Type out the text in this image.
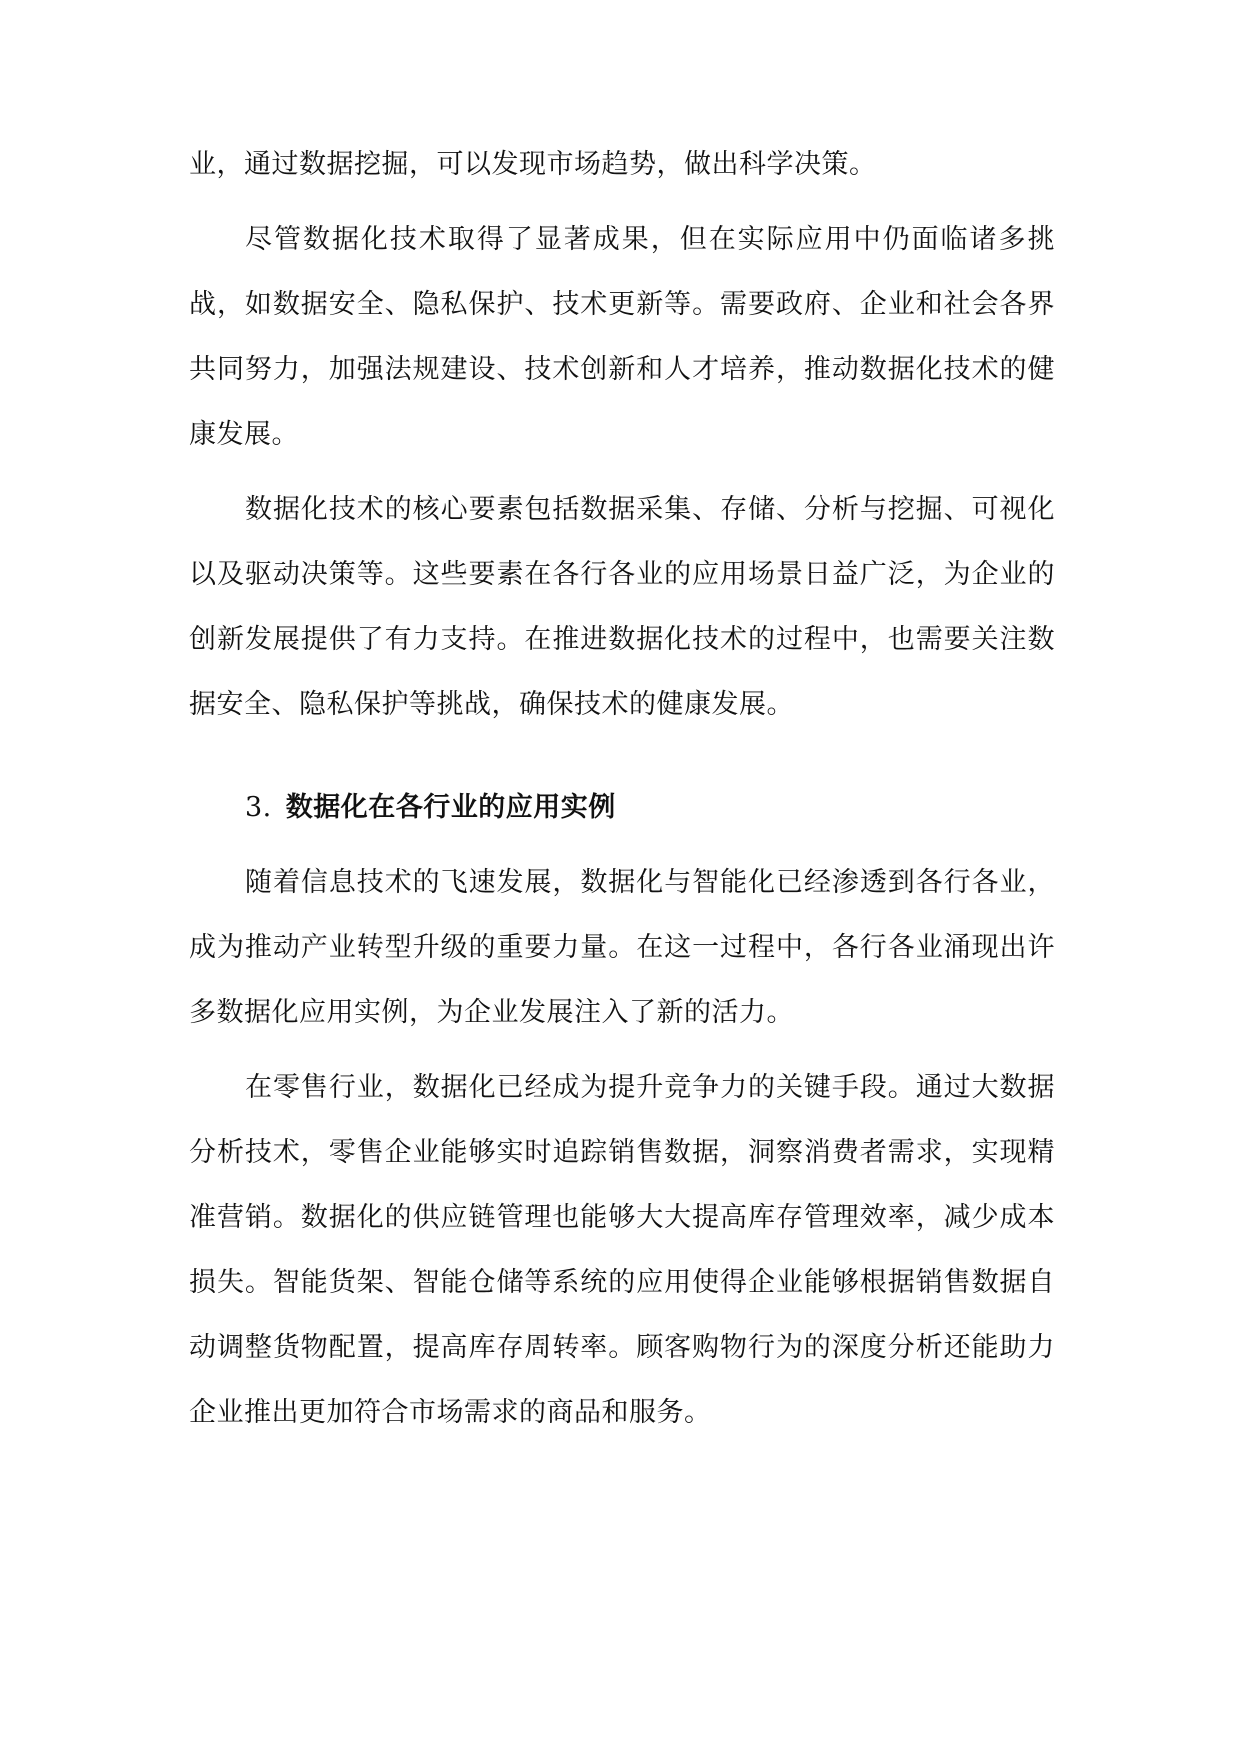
业，通过数据挖掘，可以发现市场趋势，做出科学决策。

尽管数据化技术取得了显著成果，但在实际应用中仍面临诸多挑战，如数据安全、隐私保护、技术更新等。需要政府、企业和社会各界共同努力，加强法规建设、技术创新和人才培养，推动数据化技术的健康发展。

数据化技术的核心要素包括数据采集、存储、分析与挖掘、可视化以及驱动决策等。这些要素在各行各业的应用场景日益广泛，为企业的创新发展提供了有力支持。在推进数据化技术的过程中，也需要关注数据安全、隐私保护等挑战，确保技术的健康发展。

3. 数据化在各行业的应用实例

随着信息技术的飞速发展，数据化与智能化已经渗透到各行各业，成为推动产业转型升级的重要力量。在这一过程中，各行各业涌现出许多数据化应用实例，为企业发展注入了新的活力。

在零售行业，数据化已经成为提升竞争力的关键手段。通过大数据分析技术，零售企业能够实时追踪销售数据，洞察消费者需求，实现精准营销。数据化的供应链管理也能够大大提高库存管理效率，减少成本损失。智能货架、智能仓储等系统的应用使得企业能够根据销售数据自动调整货物配置，提高库存周转率。顾客购物行为的深度分析还能助力企业推出更加符合市场需求的商品和服务。
